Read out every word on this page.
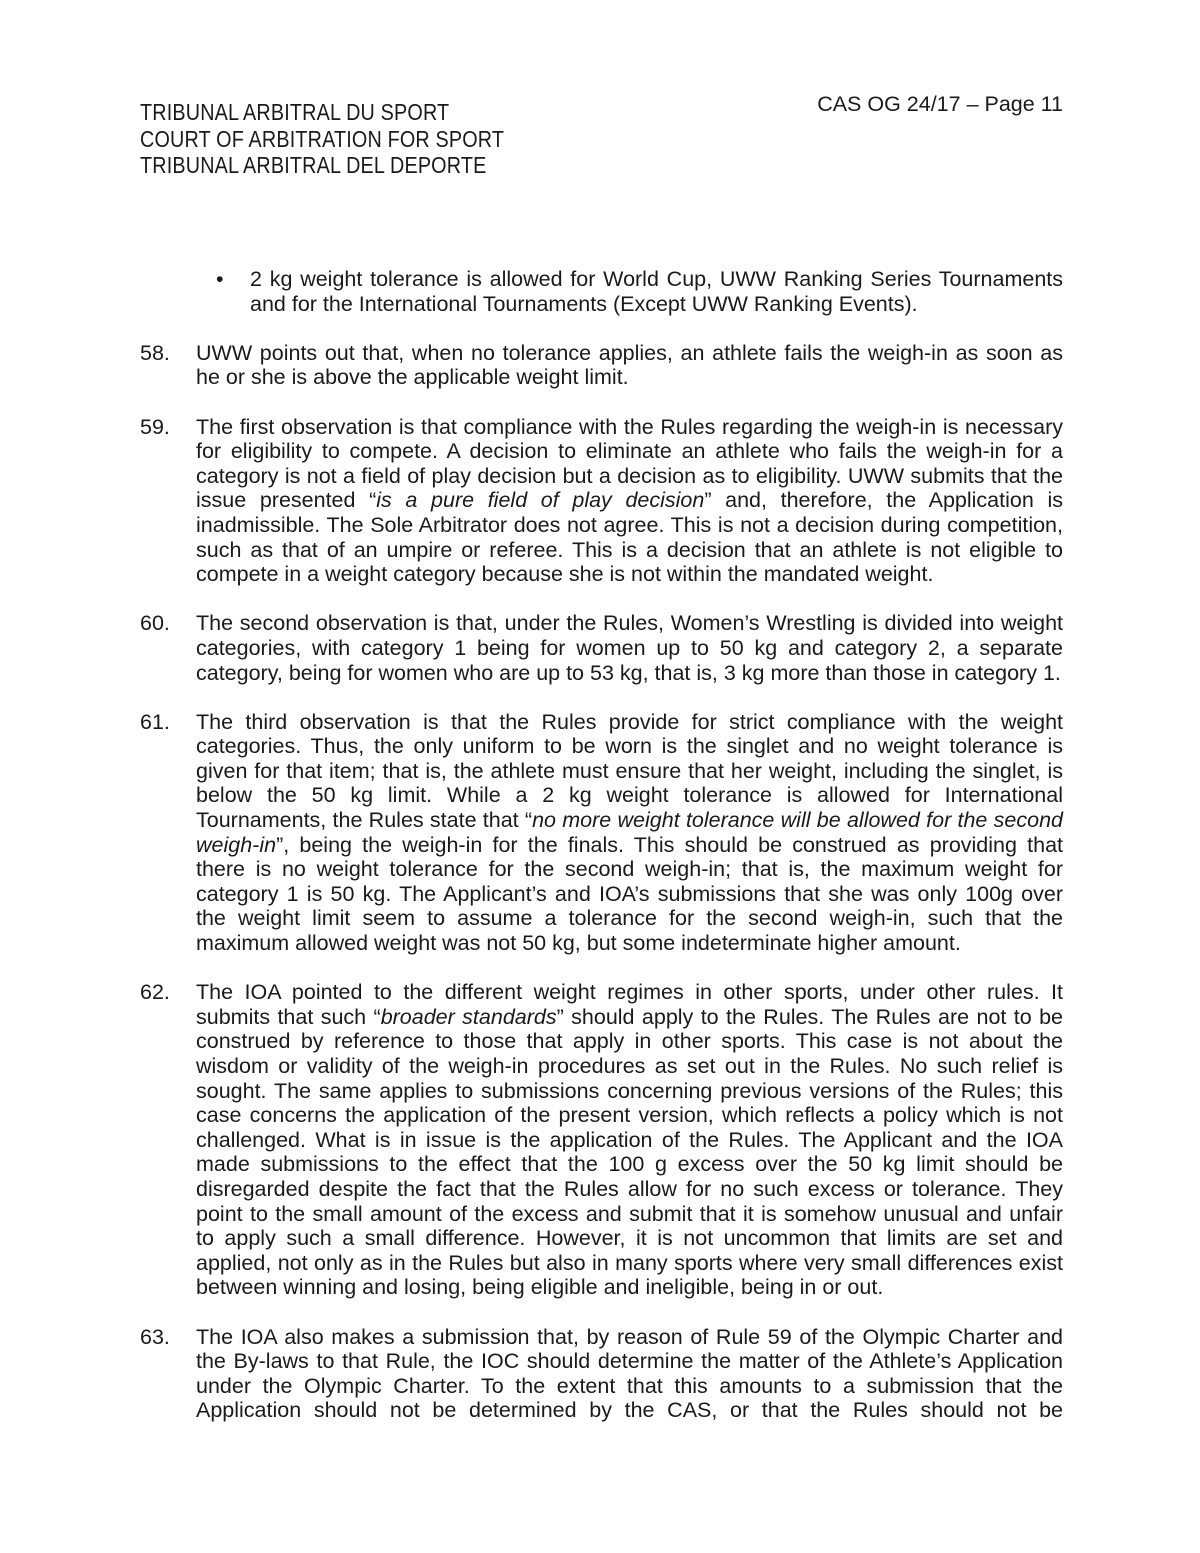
TRIBUNAL ARBITRAL DU SPORT
COURT OF ARBITRATION FOR SPORT
TRIBUNAL ARBITRAL DEL DEPORTE
CAS OG 24/17 – Page 11
•	2 kg weight tolerance is allowed for World Cup, UWW Ranking Series Tournaments and for the International Tournaments (Except UWW Ranking Events).
58.	UWW points out that, when no tolerance applies, an athlete fails the weigh-in as soon as he or she is above the applicable weight limit.
59.	The first observation is that compliance with the Rules regarding the weigh-in is necessary for eligibility to compete. A decision to eliminate an athlete who fails the weigh-in for a category is not a field of play decision but a decision as to eligibility. UWW submits that the issue presented “is a pure field of play decision” and, therefore, the Application is inadmissible. The Sole Arbitrator does not agree. This is not a decision during competition, such as that of an umpire or referee. This is a decision that an athlete is not eligible to compete in a weight category because she is not within the mandated weight.
60.	The second observation is that, under the Rules, Women’s Wrestling is divided into weight categories, with category 1 being for women up to 50 kg and category 2, a separate category, being for women who are up to 53 kg, that is, 3 kg more than those in category 1.
61.	The third observation is that the Rules provide for strict compliance with the weight categories. Thus, the only uniform to be worn is the singlet and no weight tolerance is given for that item; that is, the athlete must ensure that her weight, including the singlet, is below the 50 kg limit. While a 2 kg weight tolerance is allowed for International Tournaments, the Rules state that “no more weight tolerance will be allowed for the second weigh-in”, being the weigh-in for the finals. This should be construed as providing that there is no weight tolerance for the second weigh-in; that is, the maximum weight for category 1 is 50 kg. The Applicant’s and IOA’s submissions that she was only 100g over the weight limit seem to assume a tolerance for the second weigh-in, such that the maximum allowed weight was not 50 kg, but some indeterminate higher amount.
62.	The IOA pointed to the different weight regimes in other sports, under other rules. It submits that such “broader standards” should apply to the Rules. The Rules are not to be construed by reference to those that apply in other sports. This case is not about the wisdom or validity of the weigh-in procedures as set out in the Rules. No such relief is sought. The same applies to submissions concerning previous versions of the Rules; this case concerns the application of the present version, which reflects a policy which is not challenged. What is in issue is the application of the Rules. The Applicant and the IOA made submissions to the effect that the 100 g excess over the 50 kg limit should be disregarded despite the fact that the Rules allow for no such excess or tolerance. They point to the small amount of the excess and submit that it is somehow unusual and unfair to apply such a small difference. However, it is not uncommon that limits are set and applied, not only as in the Rules but also in many sports where very small differences exist between winning and losing, being eligible and ineligible, being in or out.
63.	The IOA also makes a submission that, by reason of Rule 59 of the Olympic Charter and the By-laws to that Rule, the IOC should determine the matter of the Athlete’s Application under the Olympic Charter. To the extent that this amounts to a submission that the Application should not be determined by the CAS, or that the Rules should not be
